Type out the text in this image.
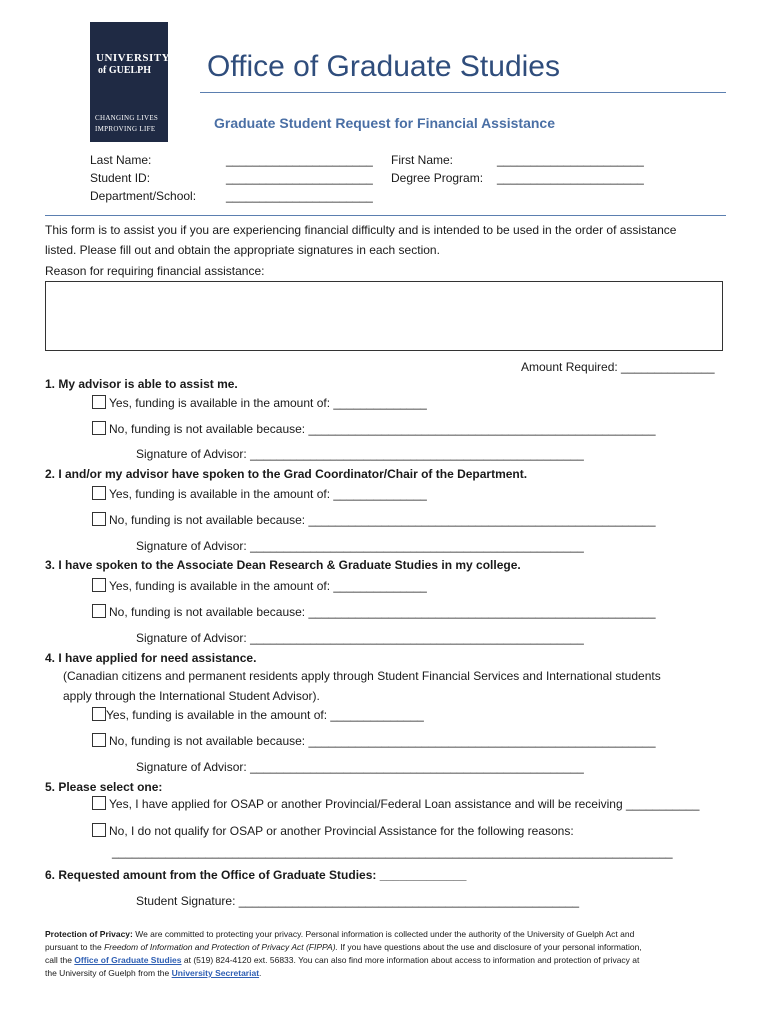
UNIVERSITY
of GUELPH
CHANGING LIVES
IMPROVING LIFE
Office of Graduate Studies
Graduate Student Request for Financial Assistance
Last Name:	______________________ First Name:	______________________
Student ID:	______________________ Degree Program: ______________________
Department/School: ______________________
This form is to assist you if you are experiencing financial difficulty and is intended to be used in the order of assistance
listed. Please fill out and obtain the appropriate signatures in each section.
Reason for requiring financial assistance:
Amount Required: ______________
1. My advisor is able to assist me.
Yes, funding is available in the amount of: ______________
No, funding is not available because: ____________________________________________________
Signature of Advisor: __________________________________________________
2. I and/or my advisor have spoken to the Grad Coordinator/Chair of the Department.
Yes, funding is available in the amount of: ______________
No, funding is not available because: ____________________________________________________
Signature of Advisor: __________________________________________________
3. I have spoken to the Associate Dean Research & Graduate Studies in my college.
Yes, funding is available in the amount of: ______________
No, funding is not available because: ____________________________________________________
Signature of Advisor: __________________________________________________
4. I have applied for need assistance.
(Canadian citizens and permanent residents apply through Student Financial Services and International students
apply through the International Student Advisor).
Yes, funding is available in the amount of: ______________
No, funding is not available because: ____________________________________________________
Signature of Advisor: __________________________________________________
5. Please select one:
Yes, I have applied for OSAP or another Provincial/Federal Loan assistance and will be receiving ___________
No, I do not qualify for OSAP or another Provincial Assistance for the following reasons:
____________________________________________________________________________________
6. Requested amount from the Office of Graduate Studies: _____________
Student Signature: ___________________________________________________
Protection of Privacy: We are committed to protecting your privacy. Personal information is collected under the authority of the University of Guelph Act and
pursuant to the Freedom of Information and Protection of Privacy Act (FIPPA). If you have questions about the use and disclosure of your personal information,
call the Office of Graduate Studies at (519) 824-4120 ext. 56833. You can also find more information about access to information and protection of privacy at
the University of Guelph from the University Secretariat.
